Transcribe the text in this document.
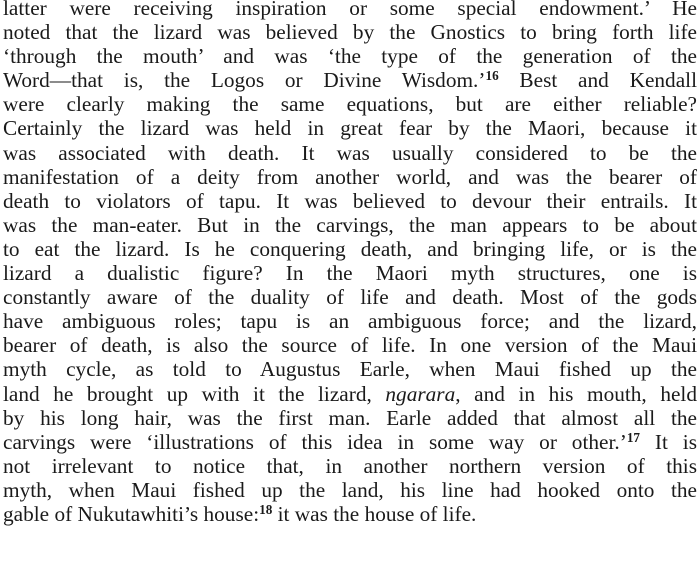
latter were receiving inspiration or some special endowment.’ He
noted that the lizard was believed by the Gnostics to bring forth life
‘through the mouth’ and was ‘the type of the generation of the
Word—that is, the Logos or Divine Wisdom.’$^{16}$ Best and Kendall
were clearly making the same equations, but are either reliable?
Certainly the lizard was held in great fear by the Maori, because it
was associated with death. It was usually considered to be the
manifestation of a deity from another world, and was the bearer of
death to violators of tapu. It was believed to devour their entrails. It
was the man-eater. But in the carvings, the man appears to be about
to eat the lizard. Is he conquering death, and bringing life, or is the
lizard a dualistic figure? In the Maori myth structures, one is
constantly aware of the duality of life and death. Most of the gods
have ambiguous roles; tapu is an ambiguous force; and the lizard,
bearer of death, is also the source of life. In one version of the Maui
myth cycle, as told to Augustus Earle, when Maui fished up the
land he brought up with it the lizard, ngarara, and in his mouth, held
by his long hair, was the first man. Earle added that almost all the
carvings were ‘illustrations of this idea in some way or other.’$^{17}$ It is
not irrelevant to notice that, in another northern version of this
myth, when Maui fished up the land, his line had hooked onto the
gable of Nukutawhiti’s house:$^{18}$ it was the house of life.
